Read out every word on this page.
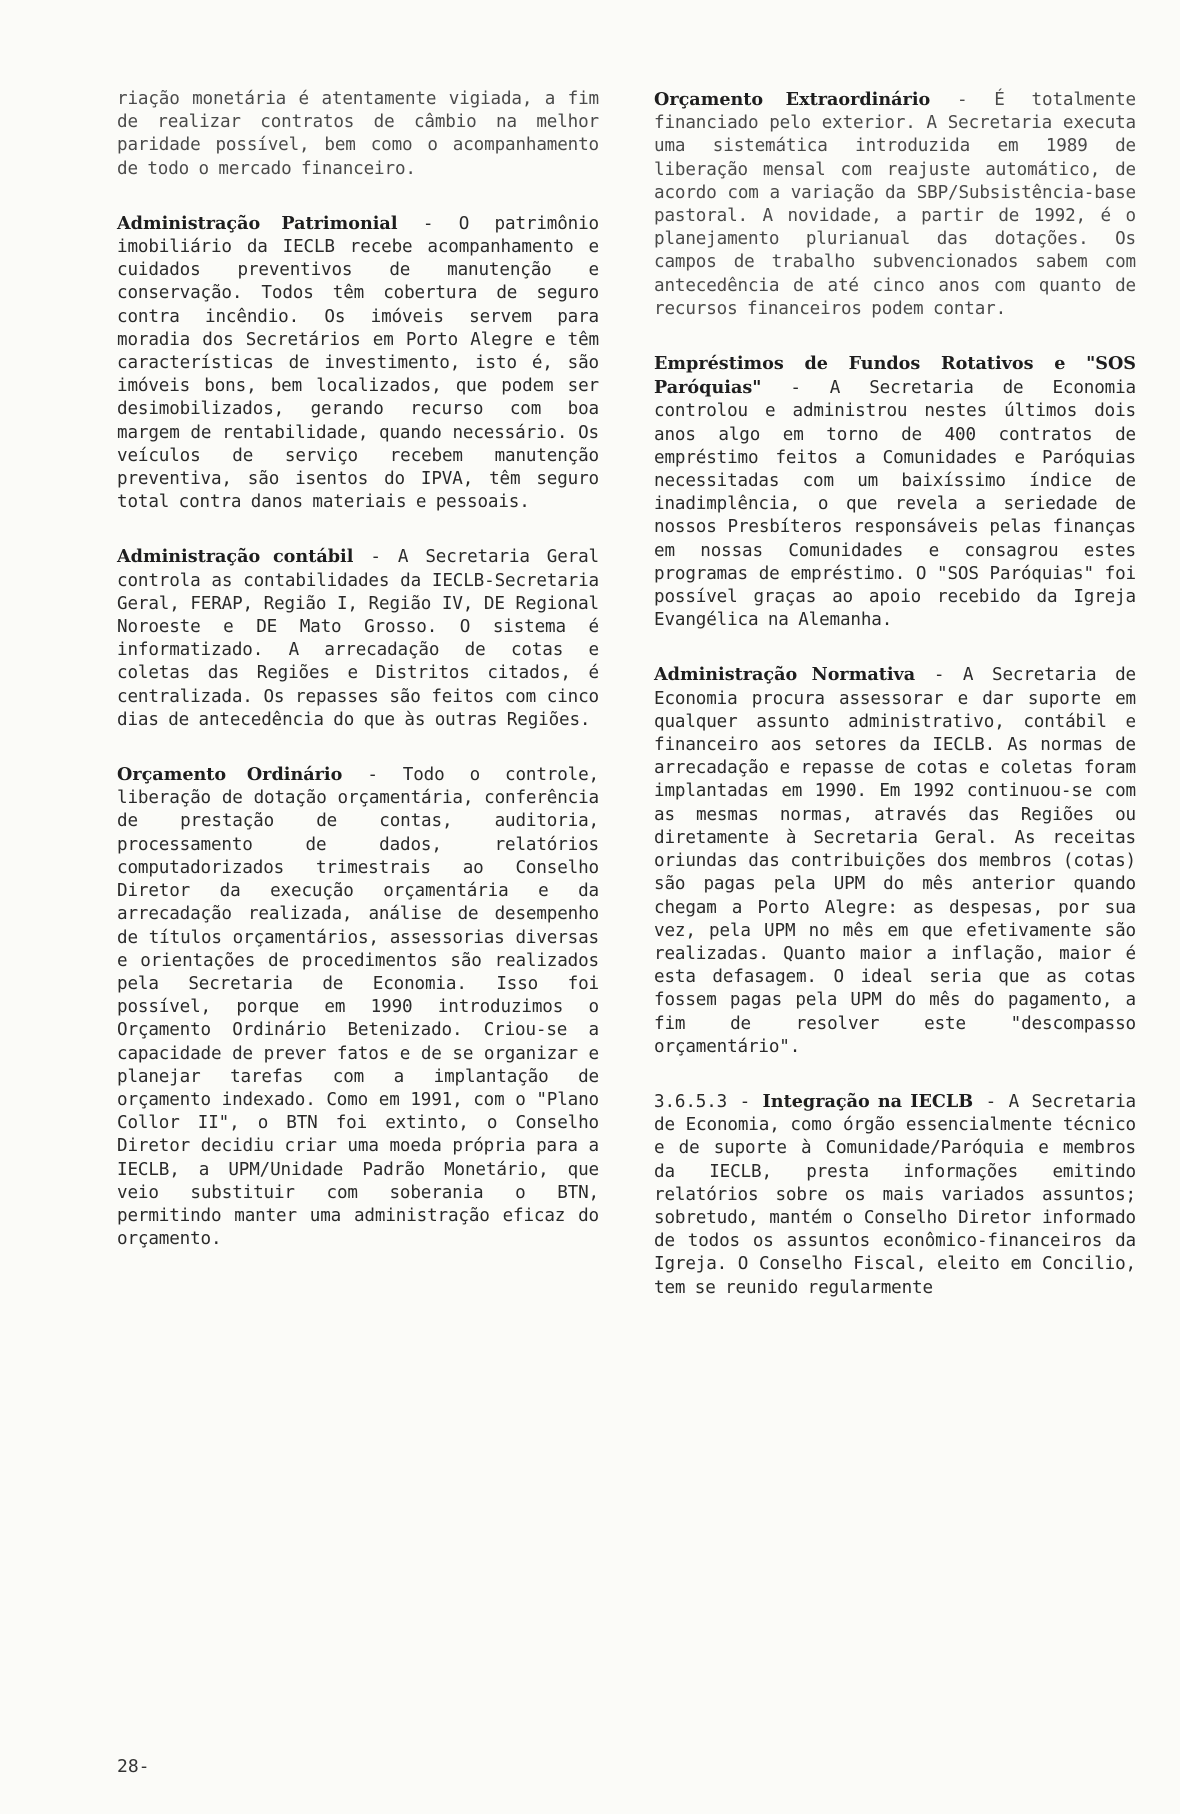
riação monetária é atentamente vigiada, a fim de realizar contratos de câmbio na melhor paridade possível, bem como o acompanhamento de todo o mercado financeiro.

Administração Patrimonial - O patrimônio imobiliário da IECLB recebe acompanhamento e cuidados preventivos de manutenção e conservação. Todos têm cobertura de seguro contra incêndio. Os imóveis servem para moradia dos Secretários em Porto Alegre e têm características de investimento, isto é, são imóveis bons, bem localizados, que podem ser desimobilizados, gerando recurso com boa margem de rentabilidade, quando necessário. Os veículos de serviço recebem manutenção preventiva, são isentos do IPVA, têm seguro total contra danos materiais e pessoais.

Administração contábil - A Secretaria Geral controla as contabilidades da IECLB-Secretaria Geral, FERAP, Região I, Região IV, DE Regional Noroeste e DE Mato Grosso. O sistema é informatizado. A arrecadação de cotas e coletas das Regiões e Distritos citados, é centralizada. Os repasses são feitos com cinco dias de antecedência do que às outras Regiões.

Orçamento Ordinário - Todo o controle, liberação de dotação orçamentária, conferência de prestação de contas, auditoria, processamento de dados, relatórios computadorizados trimestrais ao Conselho Diretor da execução orçamentária e da arrecadação realizada, análise de desempenho de títulos orçamentários, assessorias diversas e orientações de procedimentos são realizados pela Secretaria de Economia. Isso foi possível, porque em 1990 introduzimos o Orçamento Ordinário Betenizado. Criou-se a capacidade de prever fatos e de se organizar e planejar tarefas com a implantação de orçamento indexado. Como em 1991, com o "Plano Collor II", o BTN foi extinto, o Conselho Diretor decidiu criar uma moeda própria para a IECLB, a UPM/Unidade Padrão Monetário, que veio substituir com soberania o BTN, permitindo manter uma administração eficaz do orçamento.

Orçamento Extraordinário - É totalmente financiado pelo exterior. A Secretaria executa uma sistemática introduzida em 1989 de liberação mensal com reajuste automático, de acordo com a variação da SBP/Subsistência-base pastoral. A novidade, a partir de 1992, é o planejamento plurianual das dotações. Os campos de trabalho subvencionados sabem com antecedência de até cinco anos com quanto de recursos financeiros podem contar.

Empréstimos de Fundos Rotativos e "SOS Paróquias" - A Secretaria de Economia controlou e administrou nestes últimos dois anos algo em torno de 400 contratos de empréstimo feitos a Comunidades e Paróquias necessitadas com um baixíssimo índice de inadimplência, o que revela a seriedade de nossos Presbíteros responsáveis pelas finanças em nossas Comunidades e consagrou estes programas de empréstimo. O "SOS Paróquias" foi possível graças ao apoio recebido da Igreja Evangélica na Alemanha.

Administração Normativa - A Secretaria de Economia procura assessorar e dar suporte em qualquer assunto administrativo, contábil e financeiro aos setores da IECLB. As normas de arrecadação e repasse de cotas e coletas foram implantadas em 1990. Em 1992 continuou-se com as mesmas normas, através das Regiões ou diretamente à Secretaria Geral. As receitas oriundas das contribuições dos membros (cotas) são pagas pela UPM do mês anterior quando chegam a Porto Alegre: as despesas, por sua vez, pela UPM no mês em que efetivamente são realizadas. Quanto maior a inflação, maior é esta defasagem. O ideal seria que as cotas fossem pagas pela UPM do mês do pagamento, a fim de resolver este "descompasso orçamentário".

3.6.5.3 - Integração na IECLB - A Secretaria de Economia, como órgão essencialmente técnico e de suporte à Comunidade/Paróquia e membros da IECLB, presta informações emitindo relatórios sobre os mais variados assuntos; sobretudo, mantém o Conselho Diretor informado de todos os assuntos econômico-financeiros da Igreja. O Conselho Fiscal, eleito em Concilio, tem se reunido regularmente

28-
